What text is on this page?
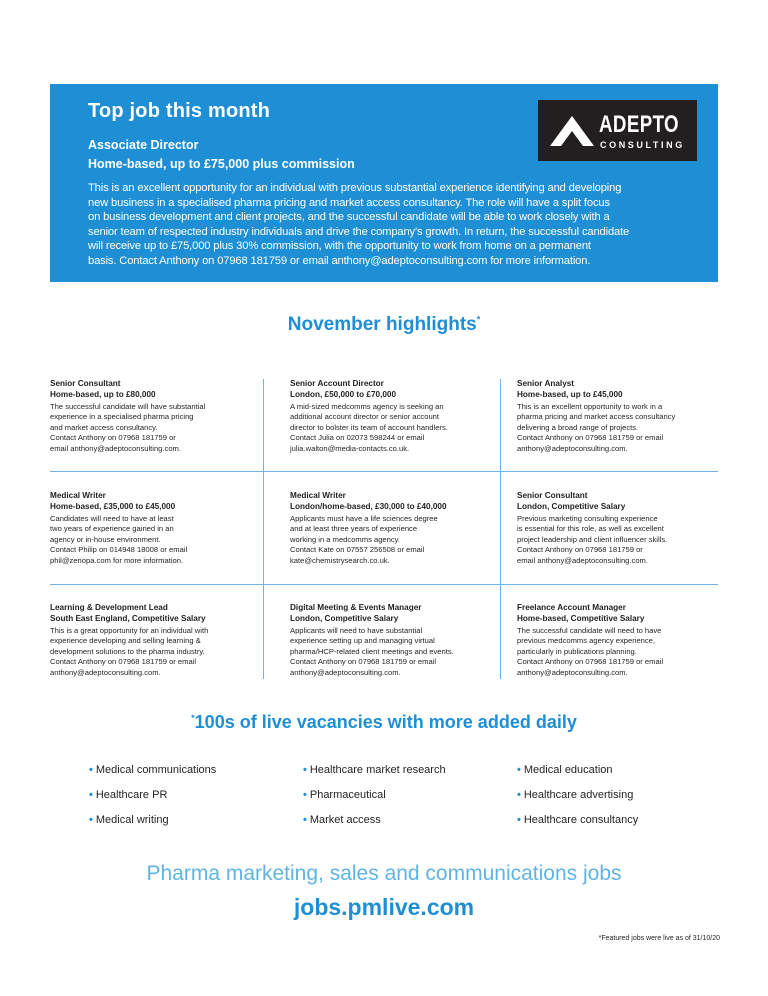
Top job this month
Associate Director
Home-based, up to £75,000 plus commission
This is an excellent opportunity for an individual with previous substantial experience identifying and developing
new business in a specialised pharma pricing and market access consultancy. The role will have a split focus
on business development and client projects, and the successful candidate will be able to work closely with a
senior team of respected industry individuals and drive the company's growth. In return, the successful candidate
will receive up to £75,000 plus 30% commission, with the opportunity to work from home on a permanent
basis. Contact Anthony on 07968 181759 or email anthony@adeptoconsulting.com for more information.
ADEPTO
CONSULTING
November highlights*
Senior Consultant
Home-based, up to £80,000
The successful candidate will have substantial
experience in a specialised pharma pricing
and market access consultancy.
Contact Anthony on 07968 181759 or
email anthony@adeptoconsulting.com.
Senior Account Director
London, £50,000 to £70,000
A mid-sized medcomms agency is seeking an
additional account director or senior account
director to bolster its team of account handlers.
Contact Julia on 02073 598244 or email
julia.walton@media-contacts.co.uk.
Senior Analyst
Home-based, up to £45,000
This is an excellent opportunity to work in a
pharma pricing and market access consultancy
delivering a broad range of projects.
Contact Anthony on 07968 181759 or email
anthony@adeptoconsulting.com.
Medical Writer
Home-based, £35,000 to £45,000
Candidates will need to have at least
two years of experience gained in an
agency or in-house environment.
Contact Philip on 014948 18008 or email
phil@zenopa.com for more information.
Medical Writer
London/home-based, £30,000 to £40,000
Applicants must have a life sciences degree
and at least three years of experience
working in a medcomms agency.
Contact Kate on 07557 256508 or email
kate@chemistrysearch.co.uk.
Senior Consultant
London, Competitive Salary
Previous marketing consulting experience
is essential for this role, as well as excellent
project leadership and client influencer skills.
Contact Anthony on 07968 181759 or
email anthony@adeptoconsulting.com.
Learning & Development Lead
South East England, Competitive Salary
This is a great opportunity for an individual with
experience developing and selling learning &
development solutions to the pharma industry.
Contact Anthony on 07968 181759 or email
anthony@adeptoconsulting.com.
Digital Meeting & Events Manager
London, Competitive Salary
Applicants will need to have substantial
experience setting up and managing virtual
pharma/HCP-related client meetings and events.
Contact Anthony on 07968 181759 or email
anthony@adeptoconsulting.com.
Freelance Account Manager
Home-based, Competitive Salary
The successful candidate will need to have
previous medcomms agency experience,
particularly in publications planning.
Contact Anthony on 07968 181759 or email
anthony@adeptoconsulting.com.
*100s of live vacancies with more added daily
• Medical communications
• Healthcare PR
• Medical writing
• Healthcare market research
• Pharmaceutical
• Market access
• Medical education
• Healthcare advertising
• Healthcare consultancy
Pharma marketing, sales and communications jobs
jobs.pmlive.com
*Featured jobs were live as of 31/10/20
